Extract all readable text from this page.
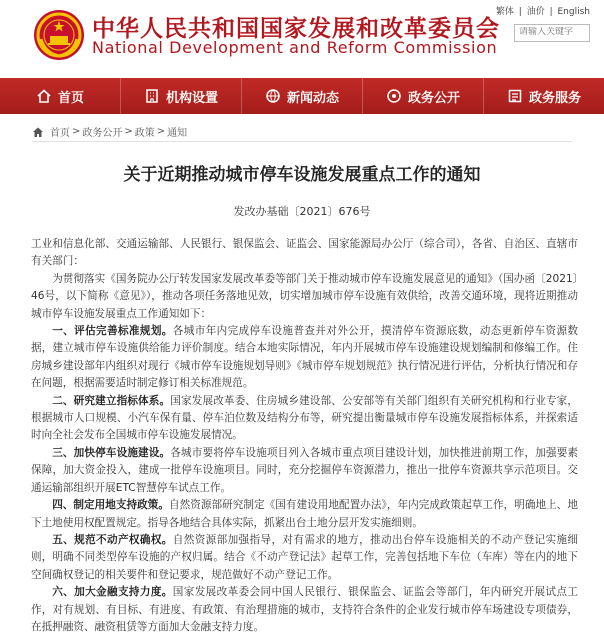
中华人民共和国国家发展和改革委员会
National Development and Reform Commission
繁体 | 油价 | English
请输入关键字
首页	机构设置	新闻动态	政务公开	政务服务
首页 > 政务公开 > 政策 > 通知
关于近期推动城市停车设施发展重点工作的通知
发改办基础〔2021〕676号

工业和信息化部、交通运输部、人民银行、银保监会、证监会、国家能源局办公厅（综合司），各省、自治区、直辖市有关部门：

为贯彻落实《国务院办公厅转发国家发展改革委等部门关于推动城市停车设施发展意见的通知》（国办函〔2021〕46号，以下简称《意见》），推动各项任务落地见效，切实增加城市停车设施有效供给，改善交通环境，现将近期推动城市停车设施发展重点工作通知如下：

一、评估完善标准规划。各城市年内完成停车设施普查并对外公开，摸清停车资源底数，动态更新停车资源数据，建立城市停车设施供给能力评价制度。结合本地实际情况，年内开展城市停车设施建设规划编制和修编工作。住房城乡建设部年内组织对现行《城市停车设施规划导则》《城市停车规划规范》执行情况进行评估，分析执行情况和存在问题，根据需要适时制定修订相关标准规范。

二、研究建立指标体系。国家发展改革委、住房城乡建设部、公安部等有关部门组织有关研究机构和行业专家，根据城市人口规模、小汽车保有量、停车泊位数及结构分布等，研究提出衡量城市停车设施发展指标体系，并探索适时向全社会发布全国城市停车设施发展情况。

三、加快停车设施建设。各城市要将停车设施项目列入各城市重点项目建设计划，加快推进前期工作，加强要素保障，加大资金投入，建成一批停车设施项目。同时，充分挖掘停车资源潜力，推出一批停车资源共享示范项目。交通运输部组织开展ETC智慧停车试点工作。

四、制定用地支持政策。自然资源部研究制定《国有建设用地配置办法》，年内完成政策起草工作，明确地上、地下土地使用权配置规定。指导各地结合具体实际，抓紧出台土地分层开发实施细则。

五、规范不动产权确权。自然资源部加强指导，对有需求的地方，推动出台停车设施相关的不动产登记实施细则，明确不同类型停车设施的产权归属。结合《不动产登记法》起草工作，完善包括地下车位（车库）等在内的地下空间确权登记的相关要件和登记要求，规范做好不动产登记工作。

六、加大金融支持力度。国家发展改革委会同中国人民银行、银保监会、证监会等部门，年内研究开展试点工作，对有规划、有目标、有进度、有政策、有治理措施的城市，支持符合条件的企业发行城市停车场建设专项债券，在抵押融资、融资租赁等方面加大金融支持力度。
